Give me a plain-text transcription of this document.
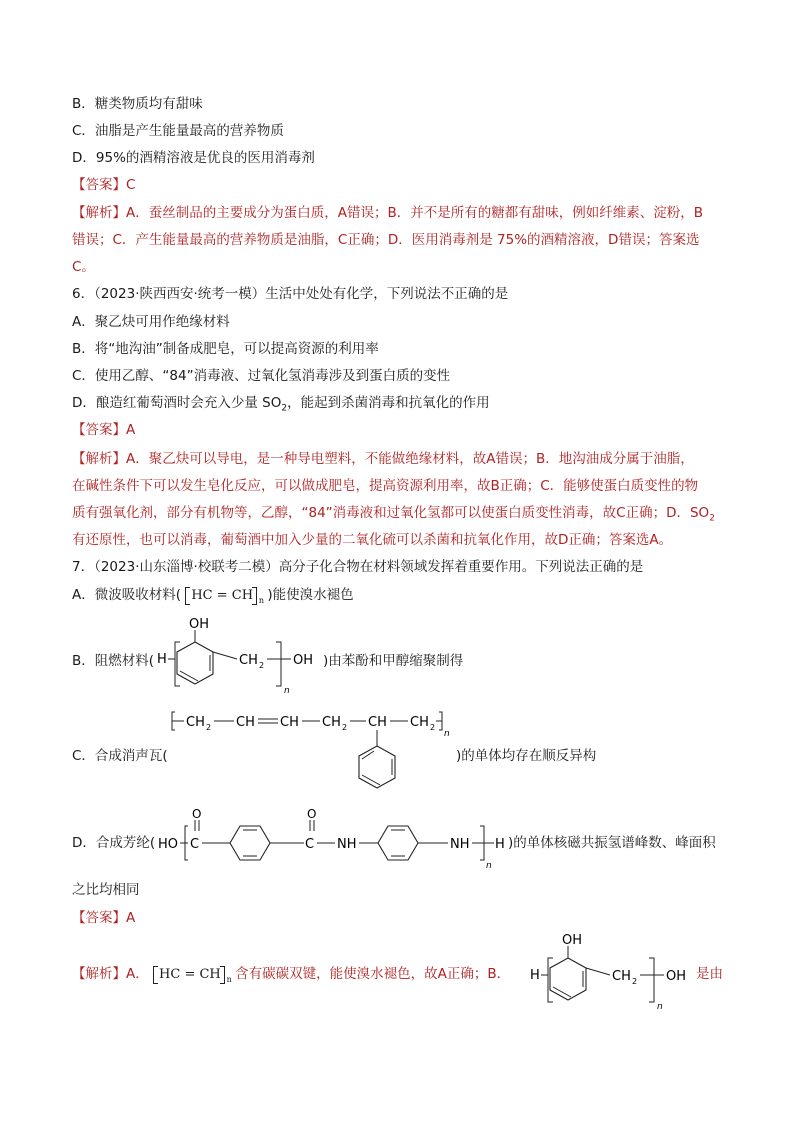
B．糖类物质均有甜味
C．油脂是产生能量最高的营养物质
D．95%的酒精溶液是优良的医用消毒剂
【答案】C
【解析】A．蚕丝制品的主要成分为蛋白质，A错误；B．并不是所有的糖都有甜味，例如纤维素、淀粉，B
错误；C．产生能量最高的营养物质是油脂，C正确；D．医用消毒剂是 75%的酒精溶液，D错误；答案选
C。
6．（2023·陕西西安·统考一模）生活中处处有化学，下列说法不正确的是
A．聚乙炔可用作绝缘材料
B．将“地沟油”制备成肥皂，可以提高资源的利用率
C．使用乙醇、“84”消毒液、过氧化氢消毒涉及到蛋白质的变性
D．酿造红葡萄酒时会充入少量 $SO_2$，能起到杀菌消毒和抗氧化的作用
【答案】A
【解析】A．聚乙炔可以导电，是一种导电塑料，不能做绝缘材料，故A错误；B．地沟油成分属于油脂，
在碱性条件下可以发生皂化反应，可以做成肥皂，提高资源利用率，故B正确；C．能够使蛋白质变性的物
质有强氧化剂，部分有机物等，乙醇，“84”消毒液和过氧化氢都可以使蛋白质变性消毒，故C正确；D．$SO_2$
有还原性，也可以消毒，葡萄酒中加入少量的二氧化硫可以杀菌和抗氧化作用，故D正确；答案选A。
7．（2023·山东淄博·校联考二模）高分子化合物在材料领域发挥着重要作用。下列说法正确的是
A．微波吸收材料( HC = CH n )能使溴水褪色
B．阻燃材料( H
OH
CH 2
n
OH )由苯酚和甲醇缩聚制得
C．合成消声瓦(
CH 2 CH CH CH 2 CH CH 2
n
)的单体均存在顺反异构
D．合成芳纶( HO C
O
C
O
NH	NH
n
H )的单体核磁共振氢谱峰数、峰面积
之比均相同
【答案】A
【解析】A． HC = CH n 含有碳碳双键，能使溴水褪色，故A正确；B． H
OH
CH 2
n
OH 是由
